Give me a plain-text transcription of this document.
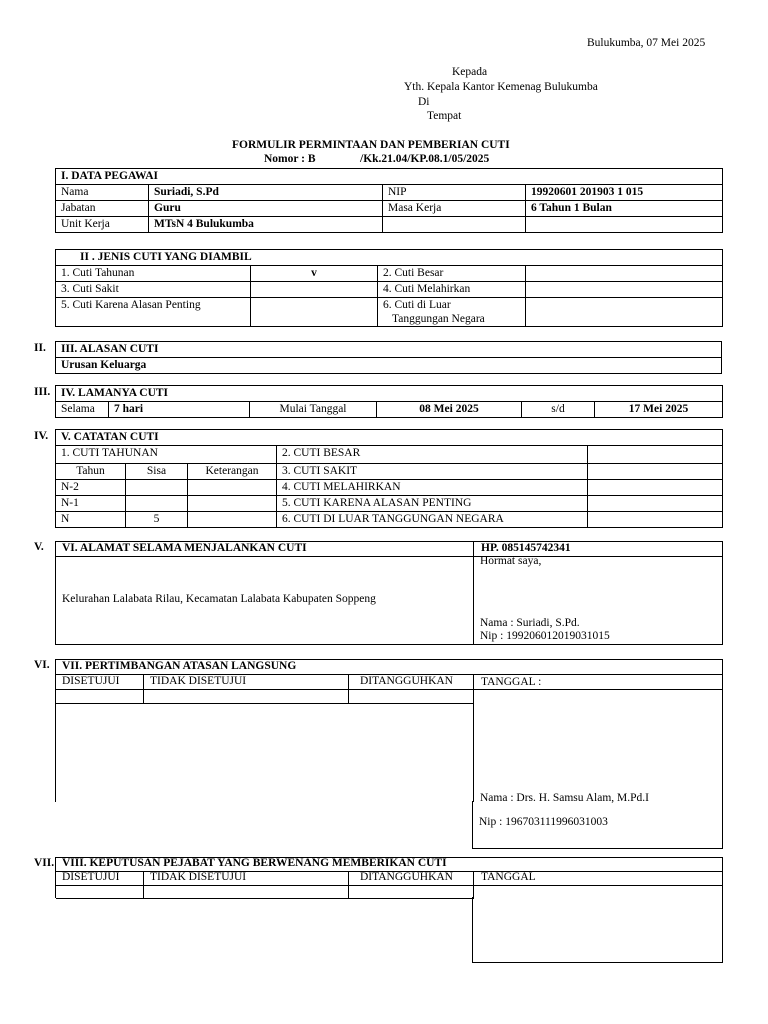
Bulukumba, 07 Mei 2025
Kepada
Yth. Kepala Kantor Kemenag Bulukumba
Di
Tempat
FORMULIR PERMINTAAN DAN PEMBERIAN CUTI
Nomor : B	/Kk.21.04/KP.08.1/05/2025
I. DATA PEGAWAI			
Nama	Suriadi, S.Pd	NIP	19920601 201903 1 015
Jabatan	Guru	Masa Kerja	6 Tahun 1 Bulan
Unit Kerja	MTsN 4 Bulukumba		
II . JENIS CUTI YANG DIAMBIL			
1. Cuti Tahunan	v	2. Cuti Besar	
3. Cuti Sakit		4. Cuti Melahirkan	
5. Cuti Karena Alasan Penting		6. Cuti di Luar
Tanggungan Negara	
II. III. ALASAN CUTI
Urusan Keluarga
III. IV. LAMANYA CUTI
Selama	7 hari	Mulai Tanggal	08 Mei 2025	s/d	17 Mei 2025
IV. V. CATATAN CUTI				
1. CUTI TAHUNAN			2. CUTI BESAR	
Tahun	Sisa	Keterangan	3. CUTI SAKIT	
N-2			4. CUTI MELAHIRKAN	
N-1			5. CUTI KARENA ALASAN PENTING	
N	5		6. CUTI DI LUAR TANGGUNGAN NEGARA	
V. VI. ALAMAT SELAMA MENJALANKAN CUTI	HP. 085145742341
Kelurahan Lalabata Rilau, Kecamatan Lalabata Kabupaten Soppeng
Hormat saya,
Nama : Suriadi, S.Pd.
Nip : 199206012019031015
VI. VII. PERTIMBANGAN ATASAN LANGSUNG
DISETUJUI	TIDAK DISETUJUI	DITANGGUHKAN TANGGAL :
Nama : Drs. H. Samsu Alam, M.Pd.I
Nip : 196703111996031003
VII. VIII. KEPUTUSAN PEJABAT YANG BERWENANG MEMBERIKAN CUTI
DISETUJUI	TIDAK DISETUJUI	DITANGGUHKAN TANGGAL
